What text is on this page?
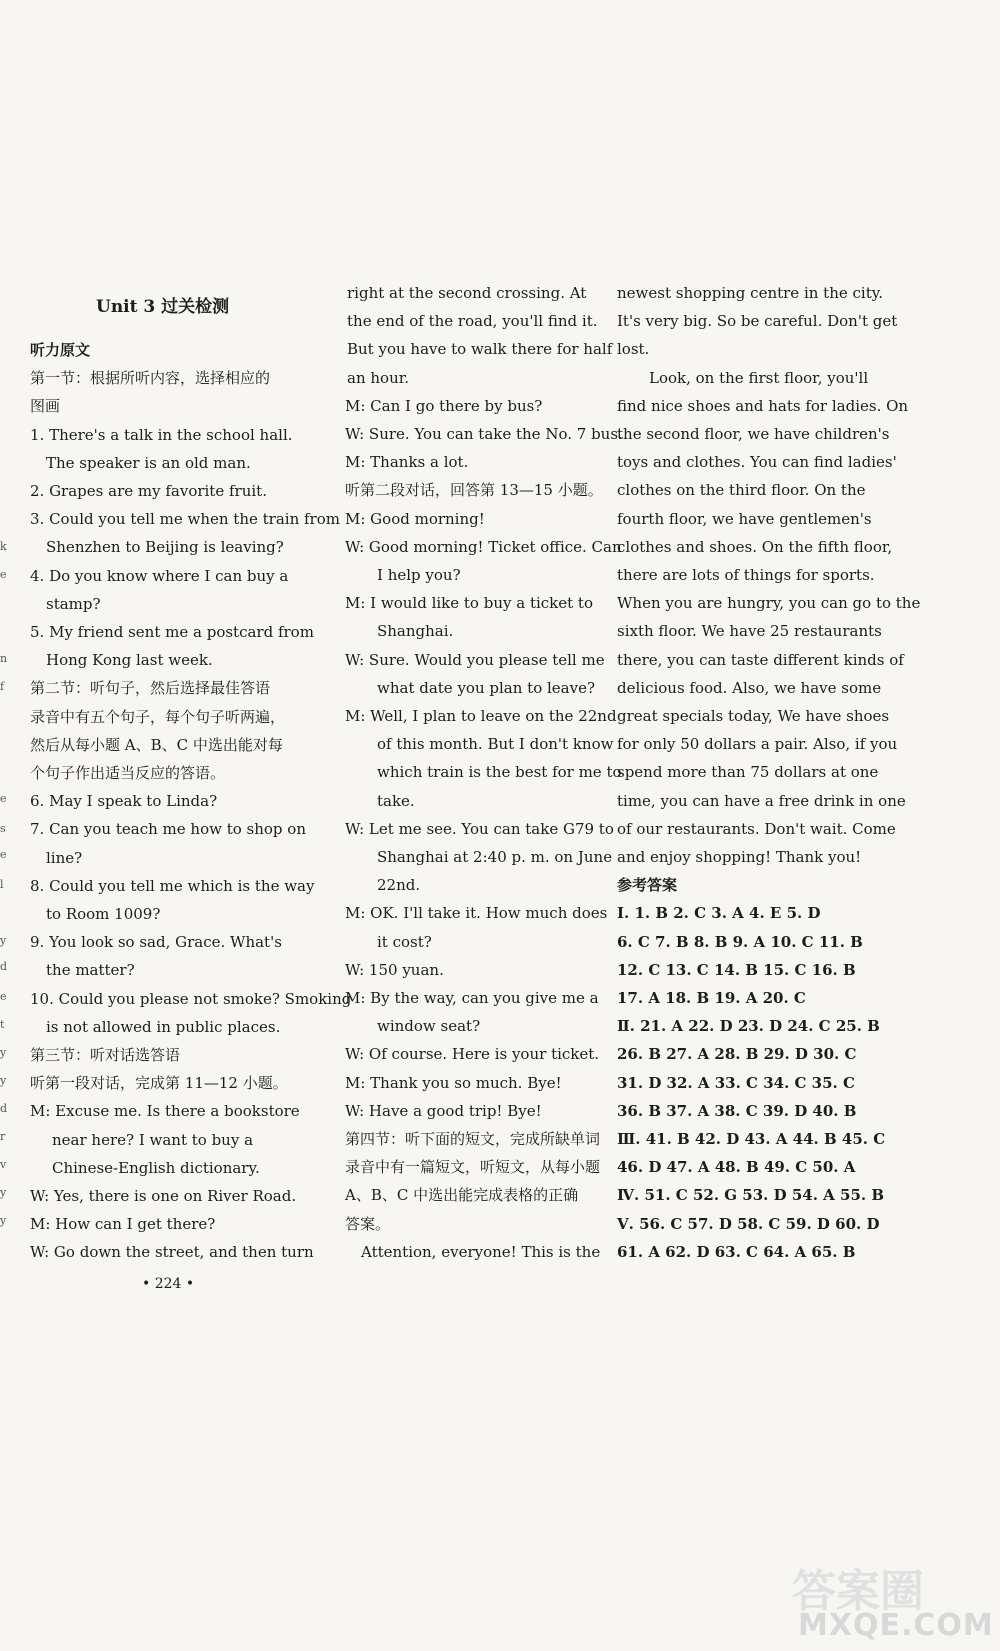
k
e
n
f
e
s
e
l
y
d
e
t
y
y
d
r
v
y
y
Unit 3 过关检测
听力原文
第一节：根据所听内容，选择相应的
图画
1. There's a talk in the school hall.
The speaker is an old man.
2. Grapes are my favorite fruit.
3. Could you tell me when the train from
Shenzhen to Beijing is leaving?
4. Do you know where I can buy a
stamp?
5. My friend sent me a postcard from
Hong Kong last week.
第二节：听句子，然后选择最佳答语
录音中有五个句子，每个句子听两遍，
然后从每小题 A、B、C 中选出能对每
个句子作出适当反应的答语。
6. May I speak to Linda?
7. Can you teach me how to shop on
line?
8. Could you tell me which is the way
to Room 1009?
9. You look so sad, Grace. What's
the matter?
10. Could you please not smoke? Smoking
is not allowed in public places.
第三节：听对话选答语
听第一段对话，完成第 11—12 小题。
M: Excuse me. Is there a bookstore
near here? I want to buy a
Chinese-English dictionary.
W: Yes, there is one on River Road.
M: How can I get there?
W: Go down the street, and then turn
right at the second crossing. At
the end of the road, you'll find it.
But you have to walk there for half
an hour.
M: Can I go there by bus?
W: Sure. You can take the No. 7 bus.
M: Thanks a lot.
听第二段对话，回答第 13—15 小题。
M: Good morning!
W: Good morning! Ticket office. Can
I help you?
M: I would like to buy a ticket to
Shanghai.
W: Sure. Would you please tell me
what date you plan to leave?
M: Well, I plan to leave on the 22nd
of this month. But I don't know
which train is the best for me to
take.
W: Let me see. You can take G79 to
Shanghai at 2:40 p. m. on June
22nd.
M: OK. I'll take it. How much does
it cost?
W: 150 yuan.
M: By the way, can you give me a
window seat?
W: Of course. Here is your ticket.
M: Thank you so much. Bye!
W: Have a good trip! Bye!
第四节：听下面的短文，完成所缺单词
录音中有一篇短文，听短文，从每小题
A、B、C 中选出能完成表格的正确
答案。
Attention, everyone! This is the
newest shopping centre in the city.
It's very big. So be careful. Don't get
lost.
Look, on the first floor, you'll
find nice shoes and hats for ladies. On
the second floor, we have children's
toys and clothes. You can find ladies'
clothes on the third floor. On the
fourth floor, we have gentlemen's
clothes and shoes. On the fifth floor,
there are lots of things for sports.
When you are hungry, you can go to the
sixth floor. We have 25 restaurants
there, you can taste different kinds of
delicious food. Also, we have some
great specials today, We have shoes
for only 50 dollars a pair. Also, if you
spend more than 75 dollars at one
time, you can have a free drink in one
of our restaurants. Don't wait. Come
and enjoy shopping! Thank you!
参考答案
Ⅰ. 1. B 2. C 3. A 4. E 5. D
6. C 7. B 8. B 9. A 10. C 11. B
12. C 13. C 14. B 15. C 16. B
17. A 18. B 19. A 20. C
Ⅱ. 21. A 22. D 23. D 24. C 25. B
26. B 27. A 28. B 29. D 30. C
31. D 32. A 33. C 34. C 35. C
36. B 37. A 38. C 39. D 40. B
Ⅲ. 41. B 42. D 43. A 44. B 45. C
46. D 47. A 48. B 49. C 50. A
Ⅳ. 51. C 52. G 53. D 54. A 55. B
Ⅴ. 56. C 57. D 58. C 59. D 60. D
61. A 62. D 63. C 64. A 65. B
• 224 •
答案圈
MXQE.COM
